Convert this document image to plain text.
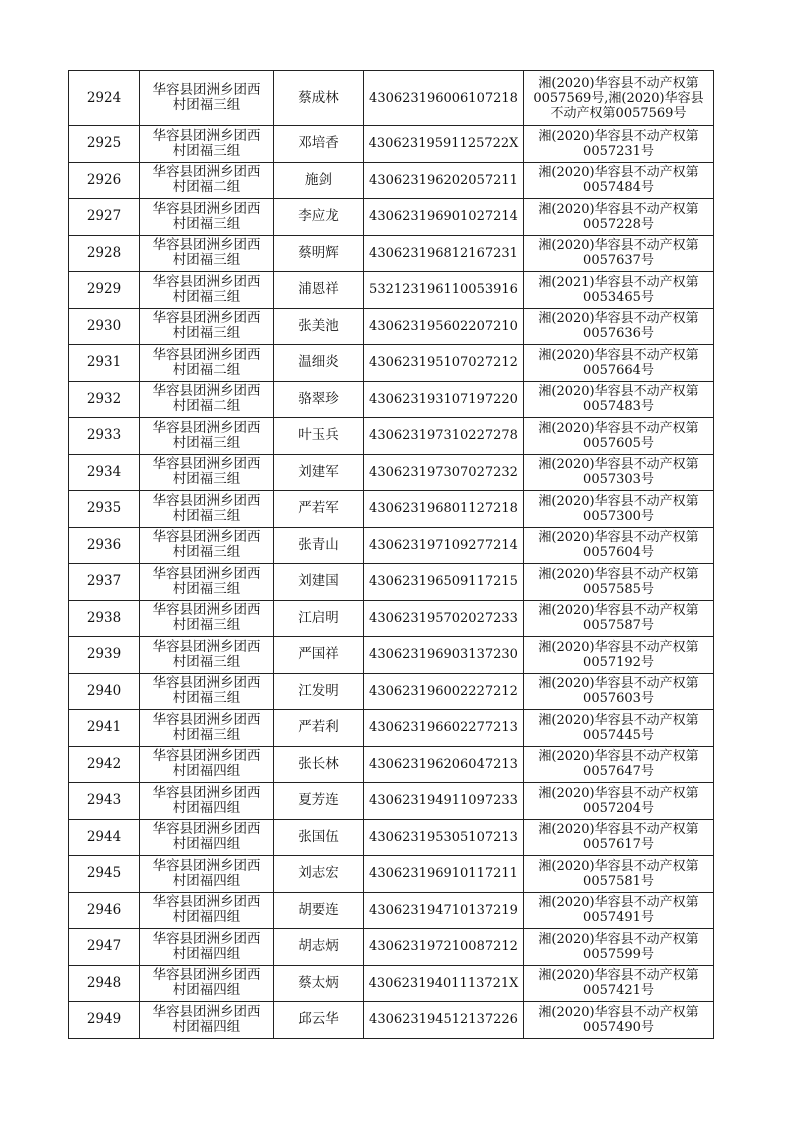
2924	华容县团洲乡团西
村团福三组	蔡成林	430623196006107218	湘(2020)华容县不动产权第
0057569号,湘(2020)华容县
不动产权第0057569号
2925	华容县团洲乡团西
村团福三组	邓培香	43062319591125722X	湘(2020)华容县不动产权第
0057231号
2926	华容县团洲乡团西
村团福二组	施剑	430623196202057211	湘(2020)华容县不动产权第
0057484号
2927	华容县团洲乡团西
村团福三组	李应龙	430623196901027214	湘(2020)华容县不动产权第
0057228号
2928	华容县团洲乡团西
村团福三组	蔡明辉	430623196812167231	湘(2020)华容县不动产权第
0057637号
2929	华容县团洲乡团西
村团福三组	浦恩祥	532123196110053916	湘(2021)华容县不动产权第
0053465号
2930	华容县团洲乡团西
村团福三组	张美池	430623195602207210	湘(2020)华容县不动产权第
0057636号
2931	华容县团洲乡团西
村团福二组	温细炎	430623195107027212	湘(2020)华容县不动产权第
0057664号
2932	华容县团洲乡团西
村团福二组	骆翠珍	430623193107197220	湘(2020)华容县不动产权第
0057483号
2933	华容县团洲乡团西
村团福三组	叶玉兵	430623197310227278	湘(2020)华容县不动产权第
0057605号
2934	华容县团洲乡团西
村团福三组	刘建军	430623197307027232	湘(2020)华容县不动产权第
0057303号
2935	华容县团洲乡团西
村团福三组	严若军	430623196801127218	湘(2020)华容县不动产权第
0057300号
2936	华容县团洲乡团西
村团福三组	张青山	430623197109277214	湘(2020)华容县不动产权第
0057604号
2937	华容县团洲乡团西
村团福三组	刘建国	430623196509117215	湘(2020)华容县不动产权第
0057585号
2938	华容县团洲乡团西
村团福三组	江启明	430623195702027233	湘(2020)华容县不动产权第
0057587号
2939	华容县团洲乡团西
村团福三组	严国祥	430623196903137230	湘(2020)华容县不动产权第
0057192号
2940	华容县团洲乡团西
村团福三组	江发明	430623196002227212	湘(2020)华容县不动产权第
0057603号
2941	华容县团洲乡团西
村团福三组	严若利	430623196602277213	湘(2020)华容县不动产权第
0057445号
2942	华容县团洲乡团西
村团福四组	张长林	430623196206047213	湘(2020)华容县不动产权第
0057647号
2943	华容县团洲乡团西
村团福四组	夏芳连	430623194911097233	湘(2020)华容县不动产权第
0057204号
2944	华容县团洲乡团西
村团福四组	张国伍	430623195305107213	湘(2020)华容县不动产权第
0057617号
2945	华容县团洲乡团西
村团福四组	刘志宏	430623196910117211	湘(2020)华容县不动产权第
0057581号
2946	华容县团洲乡团西
村团福四组	胡要连	430623194710137219	湘(2020)华容县不动产权第
0057491号
2947	华容县团洲乡团西
村团福四组	胡志炳	430623197210087212	湘(2020)华容县不动产权第
0057599号
2948	华容县团洲乡团西
村团福四组	蔡太炳	43062319401113721X	湘(2020)华容县不动产权第
0057421号
2949	华容县团洲乡团西
村团福四组	邱云华	430623194512137226	湘(2020)华容县不动产权第
0057490号
